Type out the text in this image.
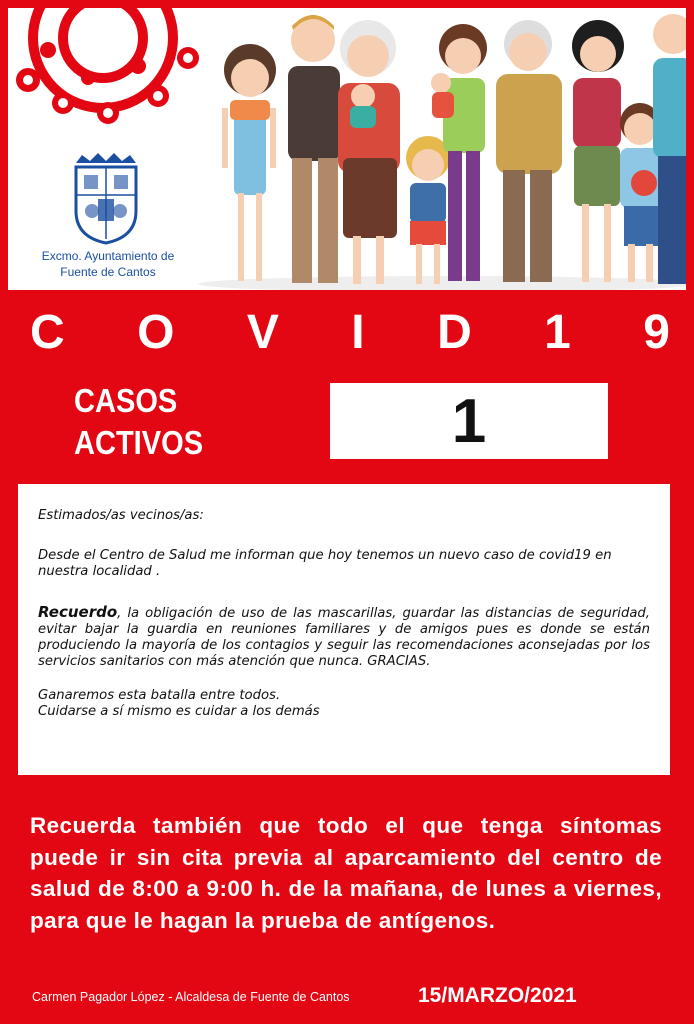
Excmo. Ayuntamiento de
Fuente de Cantos
C O V I D 1 9
CASOS
ACTIVOS	1

Estimados/as vecinos/as:

Desde el Centro de Salud me informan que hoy tenemos un nuevo caso de covid19 en nuestra localidad .

Recuerdo, la obligación de uso de las mascarillas, guardar las distancias de seguridad, evitar bajar la guardia en reuniones familiares y de amigos pues es donde se están produciendo la mayoría de los contagios y seguir las recomendaciones aconsejadas por los servicios sanitarios con más atención que nunca. GRACIAS.

Ganaremos esta batalla entre todos.

Cuidarse a sí mismo es cuidar a los demás

Recuerda también que todo el que tenga síntomas puede ir sin cita previa al aparcamiento del centro de salud de 8:00 a 9:00 h. de la mañana, de lunes a viernes, para que le hagan la prueba de antígenos.
Carmen Pagador López - Alcaldesa de Fuente de Cantos	15/MARZO/2021
